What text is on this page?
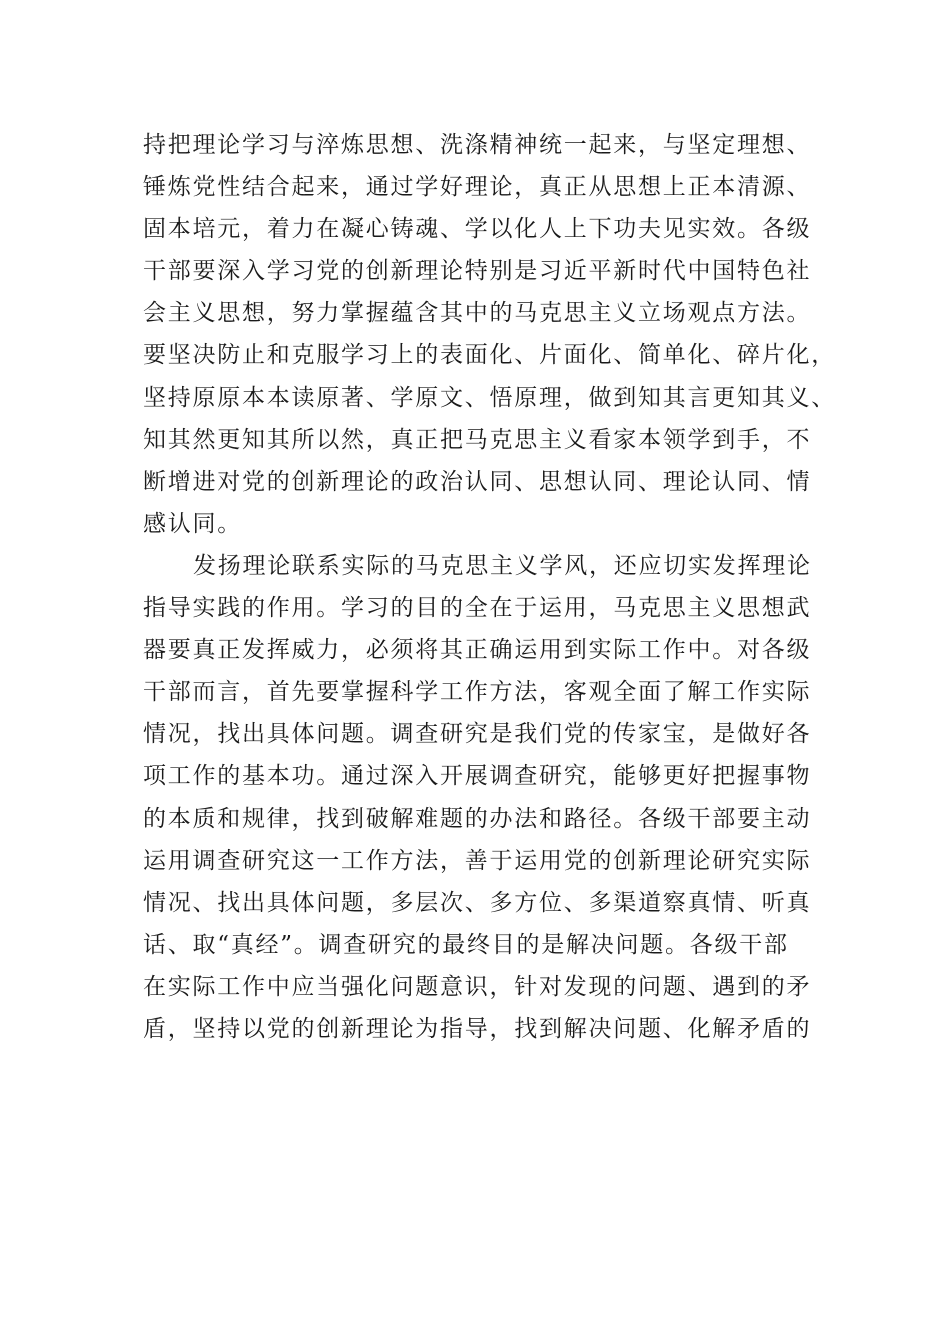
持把理论学习与淬炼思想、洗涤精神统一起来，与坚定理想、
锤炼党性结合起来，通过学好理论，真正从思想上正本清源、
固本培元，着力在凝心铸魂、学以化人上下功夫见实效。各级
干部要深入学习党的创新理论特别是习近平新时代中国特色社
会主义思想，努力掌握蕴含其中的马克思主义立场观点方法。
要坚决防止和克服学习上的表面化、片面化、简单化、碎片化，
坚持原原本本读原著、学原文、悟原理，做到知其言更知其义、
知其然更知其所以然，真正把马克思主义看家本领学到手，不
断增进对党的创新理论的政治认同、思想认同、理论认同、情
感认同。

发扬理论联系实际的马克思主义学风，还应切实发挥理论
指导实践的作用。学习的目的全在于运用，马克思主义思想武
器要真正发挥威力，必须将其正确运用到实际工作中。对各级
干部而言，首先要掌握科学工作方法，客观全面了解工作实际
情况，找出具体问题。调查研究是我们党的传家宝，是做好各
项工作的基本功。通过深入开展调查研究，能够更好把握事物
的本质和规律，找到破解难题的办法和路径。各级干部要主动
运用调查研究这一工作方法，善于运用党的创新理论研究实际
情况、找出具体问题，多层次、多方位、多渠道察真情、听真
话、取“真经”。调查研究的最终目的是解决问题。各级干部
在实际工作中应当强化问题意识，针对发现的问题、遇到的矛
盾，坚持以党的创新理论为指导，找到解决问题、化解矛盾的
